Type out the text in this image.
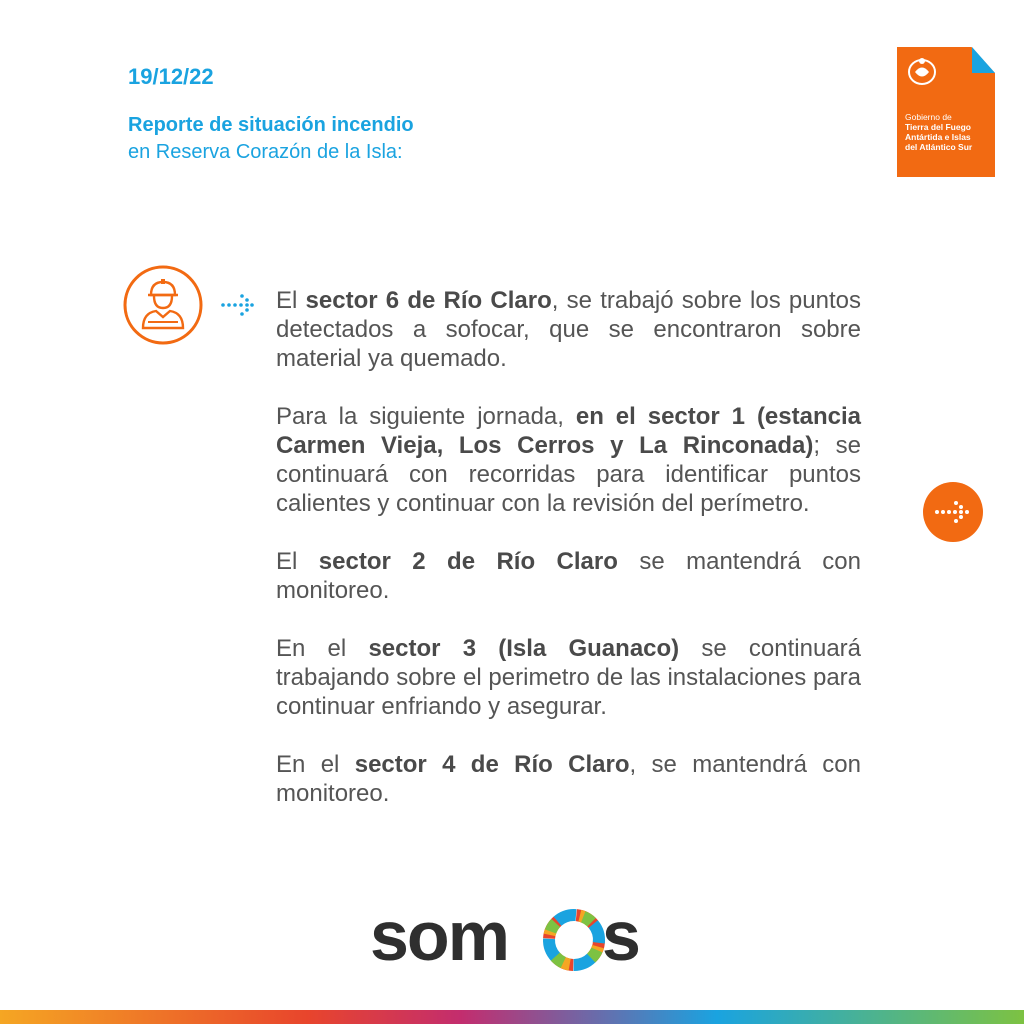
19/12/22
Reporte de situación incendio
en Reserva Corazón de la Isla:
Gobierno de
Tierra del Fuego
Antártida e Islas
del Atlántico Sur

El sector 6 de Río Claro, se trabajó sobre los puntos detectados a sofocar, que se encontraron sobre material ya quemado.

Para la siguiente jornada, en el sector 1 (estancia Carmen Vieja, Los Cerros y La Rinconada); se continuará con recorridas para identificar puntos calientes y continuar con la revisión del perímetro.

El sector 2 de Río Claro se mantendrá con monitoreo.

En el sector 3 (Isla Guanaco) se continuará trabajando sobre el perimetro de las instalaciones para continuar enfriando y asegurar.

En el sector 4 de Río Claro, se mantendrá con monitoreo.

som s
